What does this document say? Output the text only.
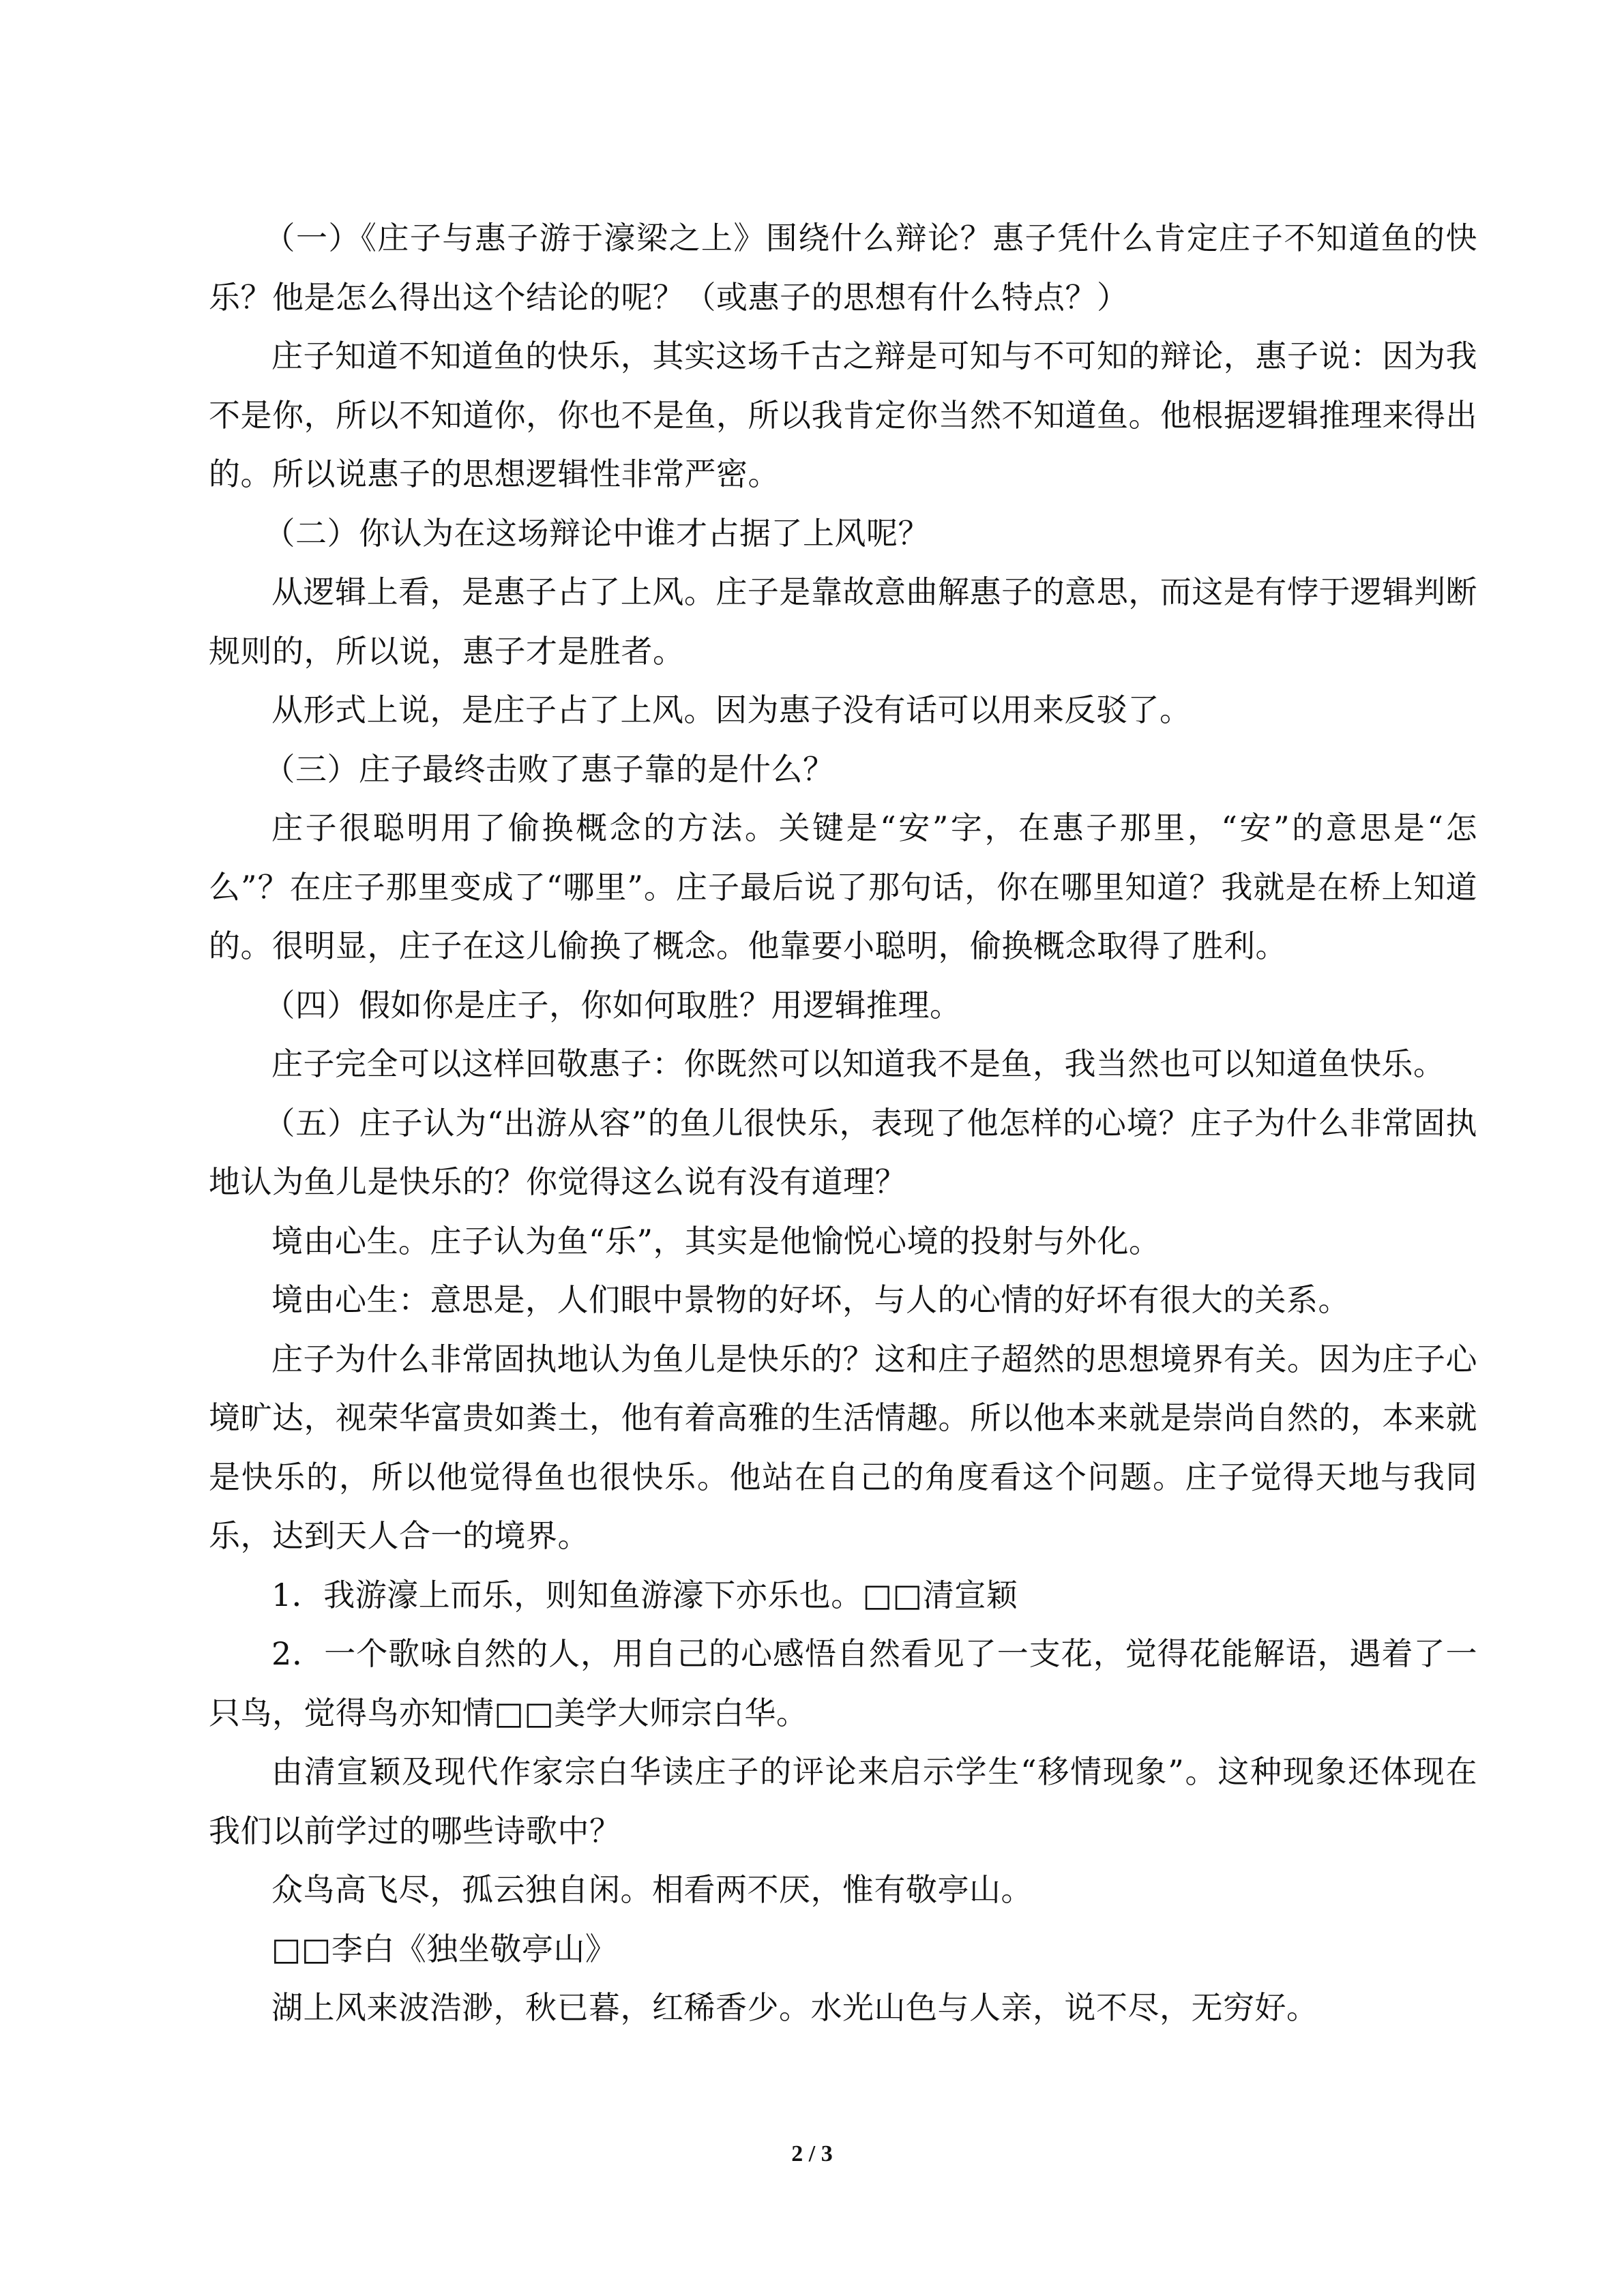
（一）《庄子与惠子游于濠梁之上》围绕什么辩论？惠子凭什么肯定庄子不知道鱼的快乐？他是怎么得出这个结论的呢？（或惠子的思想有什么特点？）

庄子知道不知道鱼的快乐，其实这场千古之辩是可知与不可知的辩论，惠子说：因为我不是你，所以不知道你，你也不是鱼，所以我肯定你当然不知道鱼。他根据逻辑推理来得出的。所以说惠子的思想逻辑性非常严密。

（二）你认为在这场辩论中谁才占据了上风呢？

从逻辑上看，是惠子占了上风。庄子是靠故意曲解惠子的意思，而这是有悖于逻辑判断规则的，所以说，惠子才是胜者。

从形式上说，是庄子占了上风。因为惠子没有话可以用来反驳了。

（三）庄子最终击败了惠子靠的是什么？

庄子很聪明用了偷换概念的方法。关键是“安”字，在惠子那里，“安”的意思是“怎么”？在庄子那里变成了“哪里”。庄子最后说了那句话，你在哪里知道？我就是在桥上知道的。很明显，庄子在这儿偷换了概念。他靠要小聪明，偷换概念取得了胜利。

（四）假如你是庄子，你如何取胜？用逻辑推理。

庄子完全可以这样回敬惠子：你既然可以知道我不是鱼，我当然也可以知道鱼快乐。

（五）庄子认为“出游从容”的鱼儿很快乐，表现了他怎样的心境？庄子为什么非常固执地认为鱼儿是快乐的？你觉得这么说有没有道理？

境由心生。庄子认为鱼“乐”，其实是他愉悦心境的投射与外化。

境由心生：意思是，人们眼中景物的好坏，与人的心情的好坏有很大的关系。

庄子为什么非常固执地认为鱼儿是快乐的？这和庄子超然的思想境界有关。因为庄子心境旷达，视荣华富贵如粪土，他有着高雅的生活情趣。所以他本来就是崇尚自然的，本来就是快乐的，所以他觉得鱼也很快乐。他站在自己的角度看这个问题。庄子觉得天地与我同乐，达到天人合一的境界。

1．我游濠上而乐，则知鱼游濠下亦乐也。□□清宣颖

2．一个歌咏自然的人，用自己的心感悟自然看见了一支花，觉得花能解语，遇着了一只鸟，觉得鸟亦知情□□美学大师宗白华。

由清宣颖及现代作家宗白华读庄子的评论来启示学生“移情现象”。这种现象还体现在我们以前学过的哪些诗歌中？

众鸟高飞尽，孤云独自闲。相看两不厌，惟有敬亭山。

□□李白《独坐敬亭山》

湖上风来波浩渺，秋已暮，红稀香少。水光山色与人亲，说不尽，无穷好。

2 / 3
